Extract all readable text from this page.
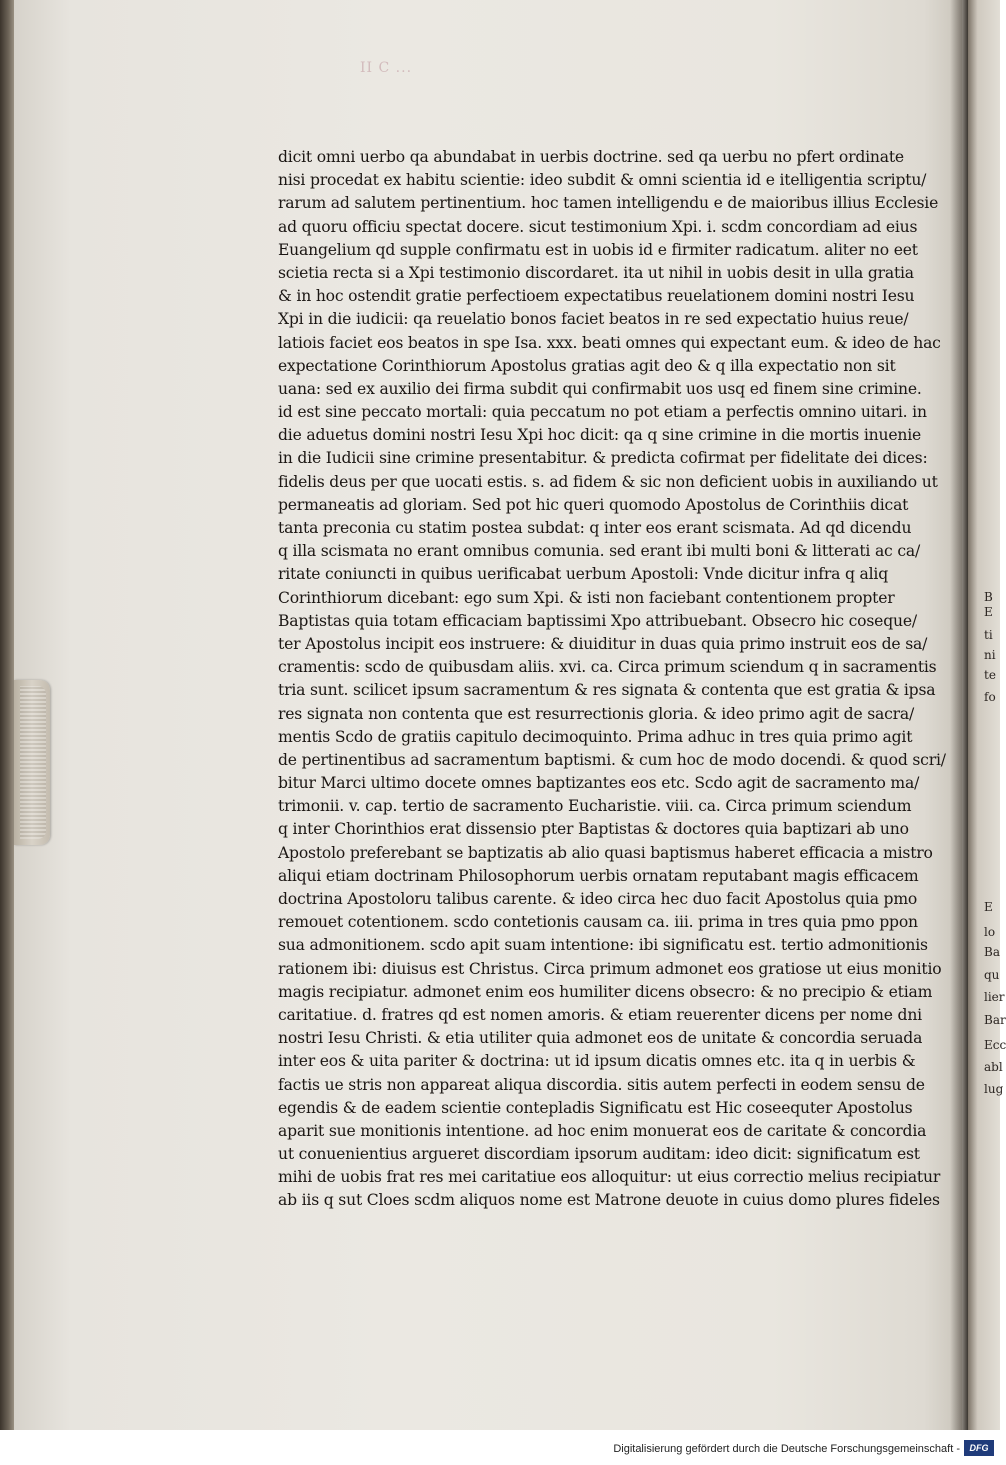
B
E
ti
ni
te
fo
E
lo
Ba
qu
lier
Bar
Ecc
abl
lug
II C ...
dicit omni uerbo qa abundabat in uerbis doctrine. sed qa uerbu no pfert ordinate
nisi procedat ex habitu scientie: ideo subdit & omni scientia id e itelligentia scriptu/
rarum ad salutem pertinentium. hoc tamen intelligendu e de maioribus illius Ecclesie
ad quoru officiu spectat docere. sicut testimonium Xpi. i. scdm concordiam ad eius
Euangelium qd supple confirmatu est in uobis id e firmiter radicatum. aliter no eet
scietia recta si a Xpi testimonio discordaret. ita ut nihil in uobis desit in ulla gratia
& in hoc ostendit gratie perfectioem expectatibus reuelationem domini nostri Iesu
Xpi in die iudicii: qa reuelatio bonos faciet beatos in re sed expectatio huius reue/
latiois faciet eos beatos in spe Isa. xxx. beati omnes qui expectant eum. & ideo de hac
expectatione Corinthiorum Apostolus gratias agit deo & q illa expectatio non sit
uana: sed ex auxilio dei firma subdit qui confirmabit uos usq ed finem sine crimine.
id est sine peccato mortali: quia peccatum no pot etiam a perfectis omnino uitari. in
die aduetus domini nostri Iesu Xpi hoc dicit: qa q sine crimine in die mortis inuenie
in die Iudicii sine crimine presentabitur. & predicta cofirmat per fidelitate dei dices:
fidelis deus per que uocati estis. s. ad fidem & sic non deficient uobis in auxiliando ut
permaneatis ad gloriam. Sed pot hic queri quomodo Apostolus de Corinthiis dicat
tanta preconia cu statim postea subdat: q inter eos erant scismata. Ad qd dicendu
q illa scismata no erant omnibus comunia. sed erant ibi multi boni & litterati ac ca/
ritate coniuncti in quibus uerificabat uerbum Apostoli: Vnde dicitur infra q aliq
Corinthiorum dicebant: ego sum Xpi. & isti non faciebant contentionem propter
Baptistas quia totam efficaciam baptissimi Xpo attribuebant. Obsecro hic coseque/
ter Apostolus incipit eos instruere: & diuiditur in duas quia primo instruit eos de sa/
cramentis: scdo de quibusdam aliis. xvi. ca. Circa primum sciendum q in sacramentis
tria sunt. scilicet ipsum sacramentum & res signata & contenta que est gratia & ipsa
res signata non contenta que est resurrectionis gloria. & ideo primo agit de sacra/
mentis Scdo de gratiis capitulo decimoquinto. Prima adhuc in tres quia primo agit
de pertinentibus ad sacramentum baptismi. & cum hoc de modo docendi. & quod scri/
bitur Marci ultimo docete omnes baptizantes eos etc. Scdo agit de sacramento ma/
trimonii. v. cap. tertio de sacramento Eucharistie. viii. ca. Circa primum sciendum
q inter Chorinthios erat dissensio pter Baptistas & doctores quia baptizari ab uno
Apostolo preferebant se baptizatis ab alio quasi baptismus haberet efficacia a mistro
aliqui etiam doctrinam Philosophorum uerbis ornatam reputabant magis efficacem
doctrina Apostoloru talibus carente. & ideo circa hec duo facit Apostolus quia pmo
remouet cotentionem. scdo contetionis causam ca. iii. prima in tres quia pmo ppon
sua admonitionem. scdo apit suam intentione: ibi significatu est. tertio admonitionis
rationem ibi: diuisus est Christus. Circa primum admonet eos gratiose ut eius monitio
magis recipiatur. admonet enim eos humiliter dicens obsecro: & no precipio & etiam
caritatiue. d. fratres qd est nomen amoris. & etiam reuerenter dicens per nome dni
nostri Iesu Christi. & etia utiliter quia admonet eos de unitate & concordia seruada
inter eos & uita pariter & doctrina: ut id ipsum dicatis omnes etc. ita q in uerbis &
factis ue stris non appareat aliqua discordia. sitis autem perfecti in eodem sensu de
egendis & de eadem scientie contepladis Significatu est Hic coseequter Apostolus
aparit sue monitionis intentione. ad hoc enim monuerat eos de caritate & concordia
ut conuenientius argueret discordiam ipsorum auditam: ideo dicit: significatum est
mihi de uobis frat res mei caritatiue eos alloquitur: ut eius correctio melius recipiatur
ab iis q sut Cloes scdm aliquos nome est Matrone deuote in cuius domo plures fideles
Digitalisierung gefördert durch die Deutsche Forschungsgemeinschaft -	DFG
